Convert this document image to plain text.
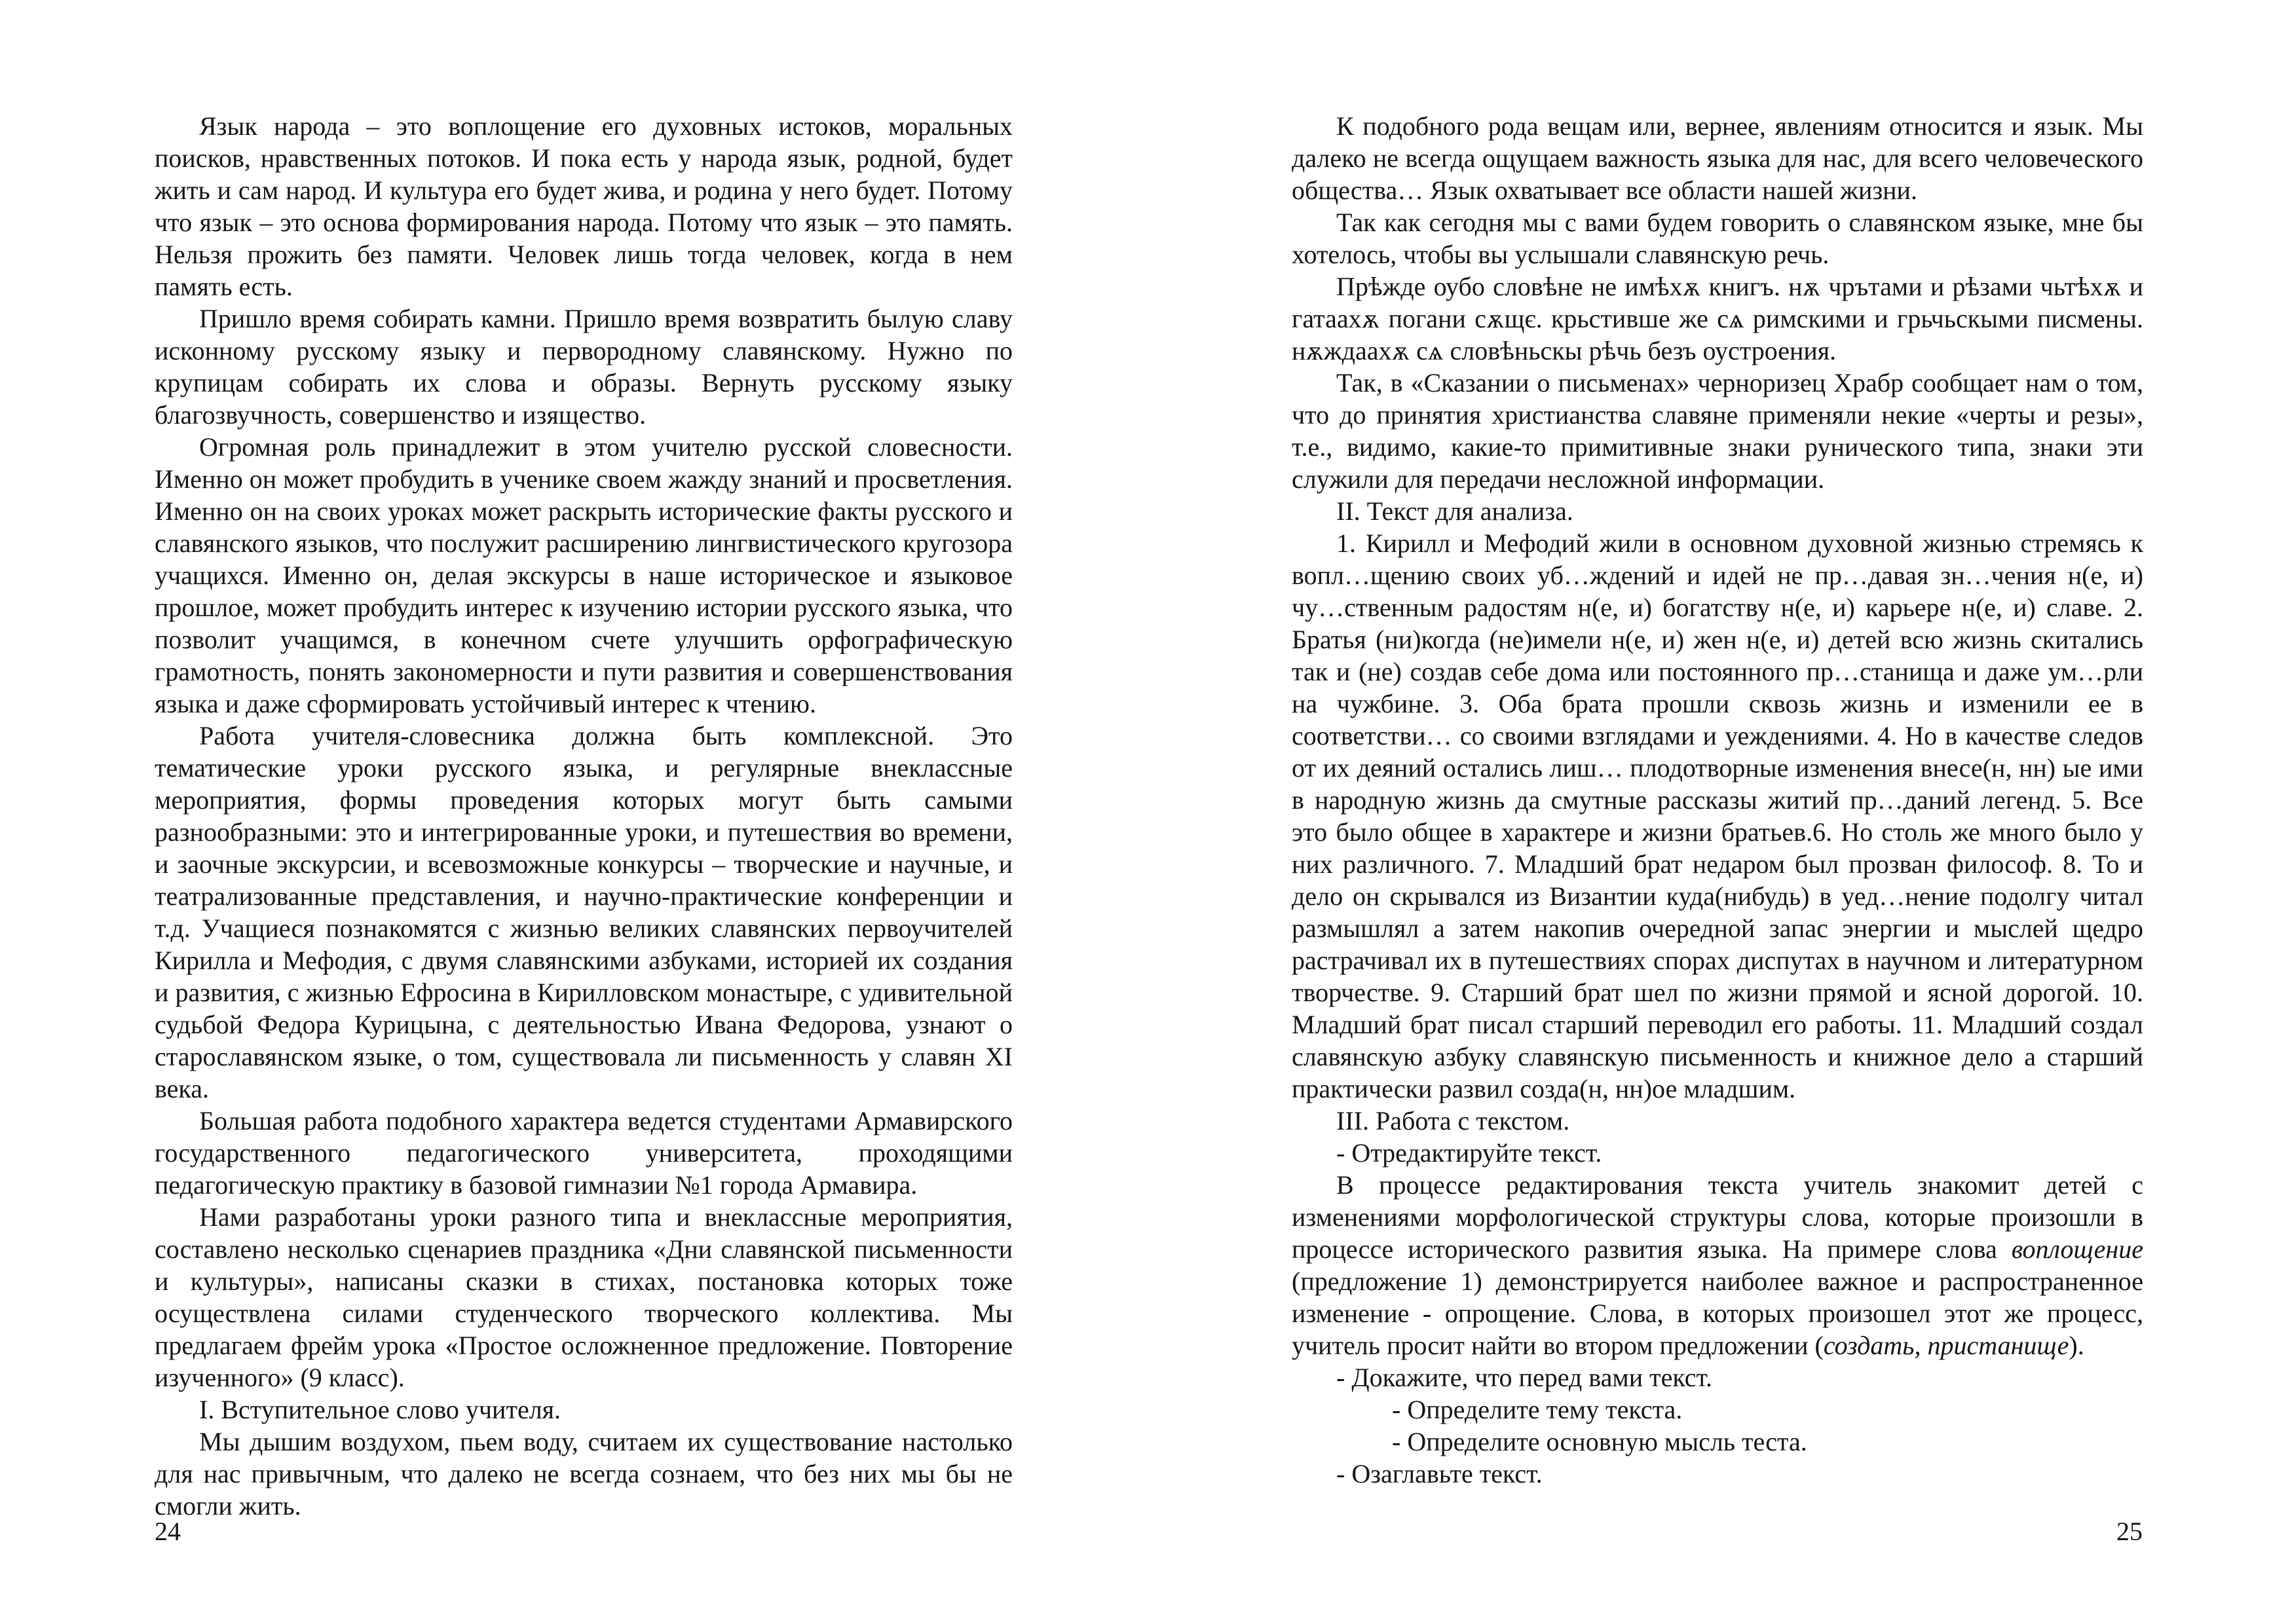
Язык народа – это воплощение его духовных истоков, моральных поисков, нравственных потоков. И пока есть у народа язык, родной, будет жить и сам народ. И культура его будет жива, и родина у него будет. Потому что язык – это основа формирования народа. Потому что язык – это память. Нельзя прожить без памяти. Человек лишь тогда человек, когда в нем память есть.

Пришло время собирать камни. Пришло время возвратить былую славу исконному русскому языку и первородному славянскому. Нужно по крупицам собирать их слова и образы. Вернуть русскому языку благозвучность, совершенство и изящество.

Огромная роль принадлежит в этом учителю русской словесности. Именно он может пробудить в ученике своем жажду знаний и просветления. Именно он на своих уроках может раскрыть исторические факты русского и славянского языков, что послужит расширению лингвистического кругозора учащихся. Именно он, делая экскурсы в наше историческое и языковое прошлое, может пробудить интерес к изучению истории русского языка, что позволит учащимся, в конечном счете улучшить орфографическую грамотность, понять закономерности и пути развития и совершенствования языка и даже сформировать устойчивый интерес к чтению.

Работа учителя-словесника должна быть комплексной. Это тематические уроки русского языка, и регулярные внеклассные мероприятия, формы проведения которых могут быть самыми разнообразными: это и интегрированные уроки, и путешествия во времени, и заочные экскурсии, и всевозможные конкурсы – творческие и научные, и театрализованные представления, и научно-практические конференции и т.д. Учащиеся познакомятся с жизнью великих славянских первоучителей Кирилла и Мефодия, с двумя славянскими азбуками, историей их создания и развития, с жизнью Ефросина в Кирилловском монастыре, с удивительной судьбой Федора Курицына, с деятельностью Ивана Федорова, узнают о старославянском языке, о том, существовала ли письменность у славян XI века.

Большая работа подобного характера ведется студентами Армавирского государственного педагогического университета, проходящими педагогическую практику в базовой гимназии №1 города Армавира.

Нами разработаны уроки разного типа и внеклассные мероприятия, составлено несколько сценариев праздника «Дни славянской письменности и культуры», написаны сказки в стихах, постановка которых тоже осуществлена силами студенческого творческого коллектива. Мы предлагаем фрейм урока «Простое осложненное предложение. Повторение изученного» (9 класс).

I. Вступительное слово учителя.

Мы дышим воздухом, пьем воду, считаем их существование настолько для нас привычным, что далеко не всегда сознаем, что без них мы бы не смогли жить.

24

К подобного рода вещам или, вернее, явлениям относится и язык. Мы далеко не всегда ощущаем важность языка для нас, для всего человеческого общества… Язык охватывает все области нашей жизни.

Так как сегодня мы с вами будем говорить о славянском языке, мне бы хотелось, чтобы вы услышали славянскую речь.

Прѣжде оубо словѣне не имѣхѫ книгъ. нѫ чрътами и рѣзами чьтѣхѫ и гатаахѫ погани сѫщє. крьстивше же сѧ римскими и грьчьскыми писмены. нѫждаахѫ сѧ словѣньскы рѣчь безъ оустроения.

Так, в «Сказании о письменах» черноризец Храбр сообщает нам о том, что до принятия христианства славяне применяли некие «черты и резы», т.е., видимо, какие-то примитивные знаки рунического типа, знаки эти служили для передачи несложной информации.

II. Текст для анализа.

1. Кирилл и Мефодий жили в основном духовной жизнью стремясь к вопл…щению своих уб…ждений и идей не пр…давая зн…чения н(е, и) чу…ственным радостям н(е, и) богатству н(е, и) карьере н(е, и) славе. 2. Братья (ни)когда (не)имели н(е, и) жен н(е, и) детей всю жизнь скитались так и (не) создав себе дома или постоянного пр…станища и даже ум…рли на чужбине. 3. Оба брата прошли сквозь жизнь и изменили ее в соответстви… со своими взглядами и уеждениями. 4. Но в качестве следов от их деяний остались лиш… плодотворные изменения внесе(н, нн) ые ими в народную жизнь да смутные рассказы житий пр…даний легенд. 5. Все это было общее в характере и жизни братьев.6. Но столь же много было у них различного. 7. Младший брат недаром был прозван философ. 8. То и дело он скрывался из Византии куда(нибудь) в уед…нение подолгу читал размышлял а затем накопив очередной запас энергии и мыслей щедро растрачивал их в путешествиях спорах диспутах в научном и литературном творчестве. 9. Старший брат шел по жизни прямой и ясной дорогой. 10. Младший брат писал старший переводил его работы. 11. Младший создал славянскую азбуку славянскую письменность и книжное дело а старший практически развил созда(н, нн)ое младшим.

III. Работа с текстом.

- Отредактируйте текст.

В процессе редактирования текста учитель знакомит детей с изменениями морфологической структуры слова, которые произошли в процессе исторического развития языка. На примере слова воплощение (предложение 1) демонстрируется наиболее важное и распространенное изменение - опрощение. Слова, в которых произошел этот же процесс, учитель просит найти во втором предложении (создать, пристанище).

- Докажите, что перед вами текст.

- Определите тему текста.

- Определите основную мысль теста.

- Озаглавьте текст.

25
